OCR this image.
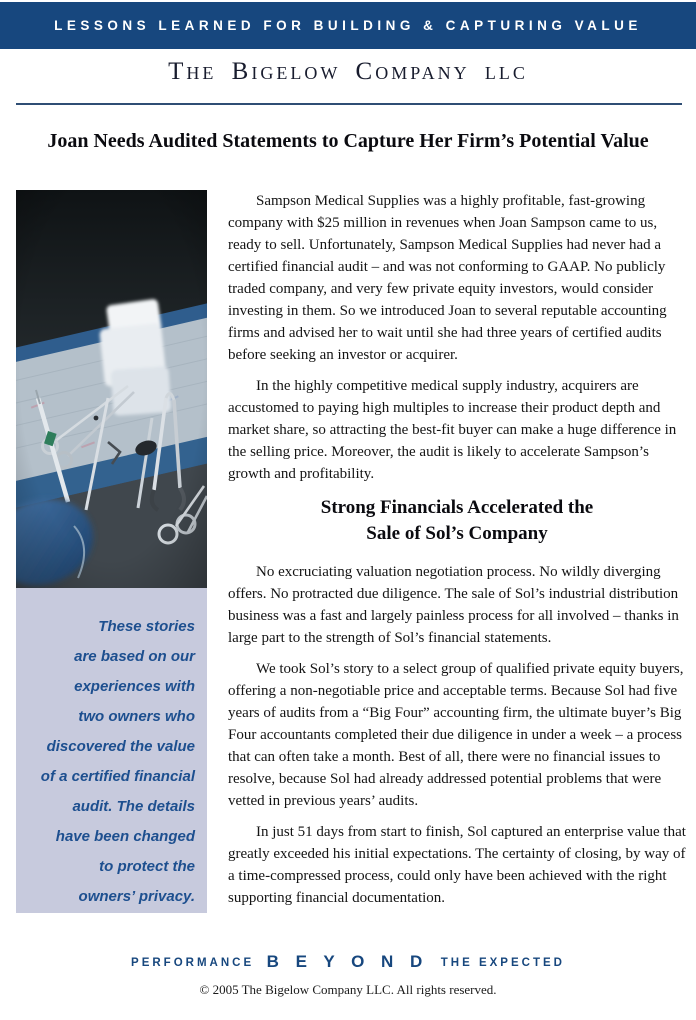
LESSONS LEARNED FOR BUILDING & CAPTURING VALUE
The Bigelow Company llc
Joan Needs Audited Statements to Capture Her Firm’s Potential Value
These stories
are based on our
experiences with
two owners who
discovered the value
of a certified financial
audit. The details
have been changed
to protect the
owners’ privacy.

Sampson Medical Supplies was a highly profitable, fast-growing company with $25 million in revenues when Joan Sampson came to us, ready to sell. Unfortunately, Sampson Medical Supplies had never had a certified financial audit – and was not conforming to GAAP. No publicly traded company, and very few private equity investors, would consider investing in them. So we introduced Joan to several reputable accounting firms and advised her to wait until she had three years of certified audits before seeking an investor or acquirer.

In the highly competitive medical supply industry, acquirers are accustomed to paying high multiples to increase their product depth and market share, so attracting the best-fit buyer can make a huge difference in the selling price. Moreover, the audit is likely to accelerate Sampson’s growth and profitability.

Strong Financials Accelerated the
Sale of Sol’s Company

No excruciating valuation negotiation process. No wildly diverging offers. No protracted due diligence. The sale of Sol’s industrial distribution business was a fast and largely painless process for all involved – thanks in large part to the strength of Sol’s financial statements.

We took Sol’s story to a select group of qualified private equity buyers, offering a non-negotiable price and acceptable terms. Because Sol had five years of audits from a “Big Four” accounting firm, the ultimate buyer’s Big Four accountants completed their due diligence in under a week – a process that can often take a month. Best of all, there were no financial issues to resolve, because Sol had already addressed potential problems that were vetted in previous years’ audits.

In just 51 days from start to finish, Sol captured an enterprise value that greatly exceeded his initial expectations. The certainty of closing, by way of a time-compressed process, could only have been achieved with the right supporting financial documentation.

PERFORMANCE B E Y O N D THE EXPECTED
© 2005 The Bigelow Company LLC. All rights reserved.
